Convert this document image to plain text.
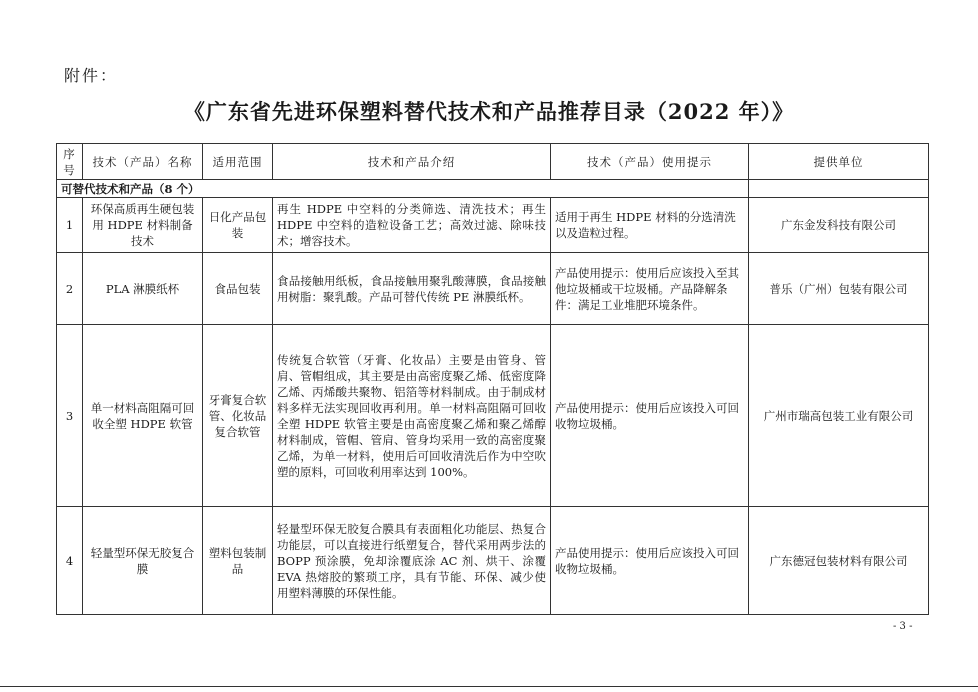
附件：
《广东省先进环保塑料替代技术和产品推荐目录（2022 年）》
序号	技术（产品）名称	适用范围	技术和产品介绍	技术（产品）使用提示	提供单位
可替代技术和产品（8 个）					
1	环保高质再生硬包装用 HDPE 材料制备技术	日化产品包装	再生 HDPE 中空料的分类筛选、清洗技术；再生 HDPE 中空料的造粒设备工艺；高效过滤、除味技术；增容技术。	适用于再生 HDPE 材料的分选清洗以及造粒过程。	广东金发科技有限公司
2	PLA 淋膜纸杯	食品包装	食品接触用纸板，食品接触用聚乳酸薄膜，食品接触用树脂：聚乳酸。产品可替代传统 PE 淋膜纸杯。	产品使用提示：使用后应该投入至其他垃圾桶或干垃圾桶。产品降解条件：满足工业堆肥环境条件。	普乐（广州）包装有限公司
3	单一材料高阻隔可回收全塑 HDPE 软管	牙膏复合软管、化妆品复合软管	传统复合软管（牙膏、化妆品）主要是由管身、管肩、管帽组成，其主要是由高密度聚乙烯、低密度降乙烯、丙烯酸共聚物、铝箔等材料制成。由于制成材料多样无法实现回收再利用。单一材料高阻隔可回收全塑 HDPE 软管主要是由高密度聚乙烯和聚乙烯醇材料制成，管帽、管肩、管身均采用一致的高密度聚乙烯，为单一材料，使用后可回收清洗后作为中空吹塑的原料，可回收利用率达到 100%。	产品使用提示：使用后应该投入可回收物垃圾桶。	广州市瑞高包装工业有限公司
4	轻量型环保无胶复合膜	塑料包装制品	轻量型环保无胶复合膜具有表面粗化功能层、热复合功能层，可以直接进行纸塑复合，替代采用两步法的 BOPP 预涂膜，免却涂覆底涂 AC 剂、烘干、涂覆 EVA 热熔胶的繁琐工序，具有节能、环保、减少使用塑料薄膜的环保性能。	产品使用提示：使用后应该投入可回收物垃圾桶。	广东德冠包装材料有限公司
- 3 -
